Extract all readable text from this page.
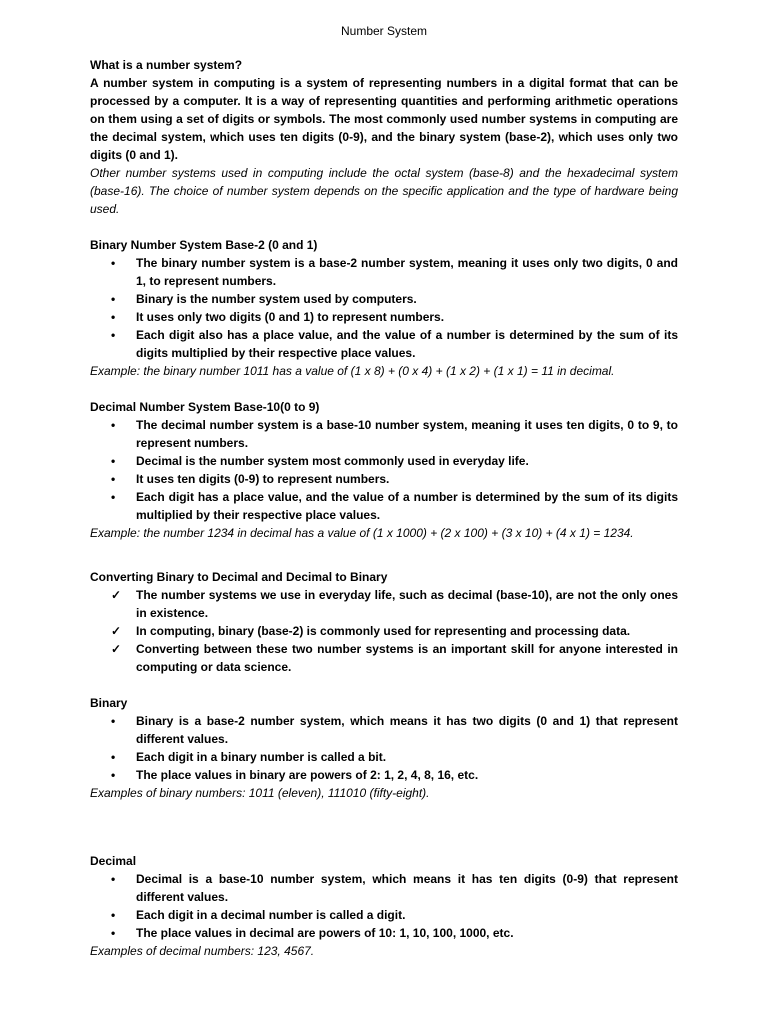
Number System
What is a number system?

A number system in computing is a system of representing numbers in a digital format that can be processed by a computer. It is a way of representing quantities and performing arithmetic operations on them using a set of digits or symbols. The most commonly used number systems in computing are the decimal system, which uses ten digits (0-9), and the binary system (base-2), which uses only two digits (0 and 1).

Other number systems used in computing include the octal system (base-8) and the hexadecimal system (base-16). The choice of number system depends on the specific application and the type of hardware being used.

Binary Number System Base-2 (0 and 1)
• The binary number system is a base-2 number system, meaning it uses only two digits, 0 and 1, to represent numbers.
• Binary is the number system used by computers.
• It uses only two digits (0 and 1) to represent numbers.
• Each digit also has a place value, and the value of a number is determined by the sum of its digits multiplied by their respective place values.

Example: the binary number 1011 has a value of (1 x 8) + (0 x 4) + (1 x 2) + (1 x 1) = 11 in decimal.

Decimal Number System Base-10(0 to 9)
• The decimal number system is a base-10 number system, meaning it uses ten digits, 0 to 9, to represent numbers.
• Decimal is the number system most commonly used in everyday life.
• It uses ten digits (0-9) to represent numbers.
• Each digit has a place value, and the value of a number is determined by the sum of its digits multiplied by their respective place values.

Example: the number 1234 in decimal has a value of (1 x 1000) + (2 x 100) + (3 x 10) + (4 x 1) = 1234.

Converting Binary to Decimal and Decimal to Binary
✓ The number systems we use in everyday life, such as decimal (base-10), are not the only ones in existence.
✓ In computing, binary (base-2) is commonly used for representing and processing data.
✓ Converting between these two number systems is an important skill for anyone interested in computing or data science.
Binary
• Binary is a base-2 number system, which means it has two digits (0 and 1) that represent different values.
• Each digit in a binary number is called a bit.
• The place values in binary are powers of 2: 1, 2, 4, 8, 16, etc.

Examples of binary numbers: 1011 (eleven), 111010 (fifty-eight).

Decimal
• Decimal is a base-10 number system, which means it has ten digits (0-9) that represent different values.
• Each digit in a decimal number is called a digit.
• The place values in decimal are powers of 10: 1, 10, 100, 1000, etc.

Examples of decimal numbers: 123, 4567.
